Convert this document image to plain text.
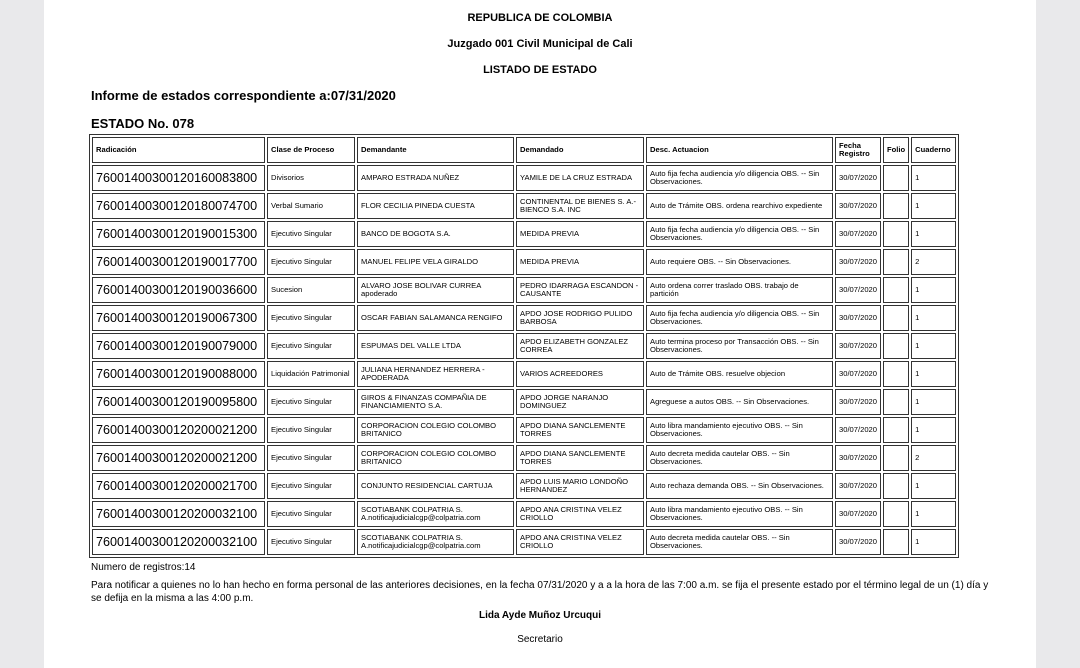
REPUBLICA DE COLOMBIA
Juzgado 001 Civil Municipal de Cali
LISTADO DE ESTADO
Informe de estados correspondiente a:07/31/2020
ESTADO No. 078
Radicación	Clase de Proceso	Demandante	Demandado	Desc. Actuacion	Fecha Registro	Folio	Cuaderno
76001400300120160083800	Divisorios	AMPARO ESTRADA NUÑEZ	YAMILE DE LA CRUZ ESTRADA	Auto fija fecha audiencia y/o diligencia OBS. -- Sin Observaciones.	30/07/2020		1
76001400300120180074700	Verbal Sumario	FLOR CECILIA PINEDA CUESTA	CONTINENTAL DE BIENES S. A.- BIENCO S.A. INC	Auto de Trámite OBS. ordena rearchivo expediente	30/07/2020		1
76001400300120190015300	Ejecutivo Singular	BANCO DE BOGOTA S.A.	MEDIDA PREVIA	Auto fija fecha audiencia y/o diligencia OBS. -- Sin Observaciones.	30/07/2020		1
76001400300120190017700	Ejecutivo Singular	MANUEL FELIPE VELA GIRALDO	MEDIDA PREVIA	Auto requiere OBS. -- Sin Observaciones.	30/07/2020		2
76001400300120190036600	Sucesion	ALVARO JOSE BOLIVAR CURREA apoderado	PEDRO IDARRAGA ESCANDON - CAUSANTE	Auto ordena correr traslado OBS. trabajo de partición	30/07/2020		1
76001400300120190067300	Ejecutivo Singular	OSCAR FABIAN SALAMANCA RENGIFO	APDO JOSE RODRIGO PULIDO BARBOSA	Auto fija fecha audiencia y/o diligencia OBS. -- Sin Observaciones.	30/07/2020		1
76001400300120190079000	Ejecutivo Singular	ESPUMAS DEL VALLE LTDA	APDO ELIZABETH GONZALEZ CORREA	Auto termina proceso por Transacción OBS. -- Sin Observaciones.	30/07/2020		1
76001400300120190088000	Liquidación Patrimonial	JULIANA HERNANDEZ HERRERA - APODERADA	VARIOS ACREEDORES	Auto de Trámite OBS. resuelve objecion	30/07/2020		1
76001400300120190095800	Ejecutivo Singular	GIROS & FINANZAS COMPAÑIA DE FINANCIAMIENTO S.A.	APDO JORGE NARANJO DOMINGUEZ	Agreguese a autos OBS. -- Sin Observaciones.	30/07/2020		1
76001400300120200021200	Ejecutivo Singular	CORPORACION COLEGIO COLOMBO BRITANICO	APDO DIANA SANCLEMENTE TORRES	Auto libra mandamiento ejecutivo OBS. -- Sin Observaciones.	30/07/2020		1
76001400300120200021200	Ejecutivo Singular	CORPORACION COLEGIO COLOMBO BRITANICO	APDO DIANA SANCLEMENTE TORRES	Auto decreta medida cautelar OBS. -- Sin Observaciones.	30/07/2020		2
76001400300120200021700	Ejecutivo Singular	CONJUNTO RESIDENCIAL CARTUJA	APDO LUIS MARIO LONDOÑO HERNANDEZ	Auto rechaza demanda OBS. -- Sin Observaciones.	30/07/2020		1
76001400300120200032100	Ejecutivo Singular	SCOTIABANK COLPATRIA S. A.notificajudicialcgp@colpatria.com	APDO ANA CRISTINA VELEZ CRIOLLO	Auto libra mandamiento ejecutivo OBS. -- Sin Observaciones.	30/07/2020		1
76001400300120200032100	Ejecutivo Singular	SCOTIABANK COLPATRIA S. A.notificajudicialcgp@colpatria.com	APDO ANA CRISTINA VELEZ CRIOLLO	Auto decreta medida cautelar OBS. -- Sin Observaciones.	30/07/2020		1
Numero de registros:14
Para notificar a quienes no lo han hecho en forma personal de las anteriores decisiones, en la fecha 07/31/2020 y a a la hora de las 7:00 a.m. se fija el presente estado por el término legal de un (1) día y se defija en la misma a las 4:00 p.m.
Lida Ayde Muñoz Urcuqui
Secretario
